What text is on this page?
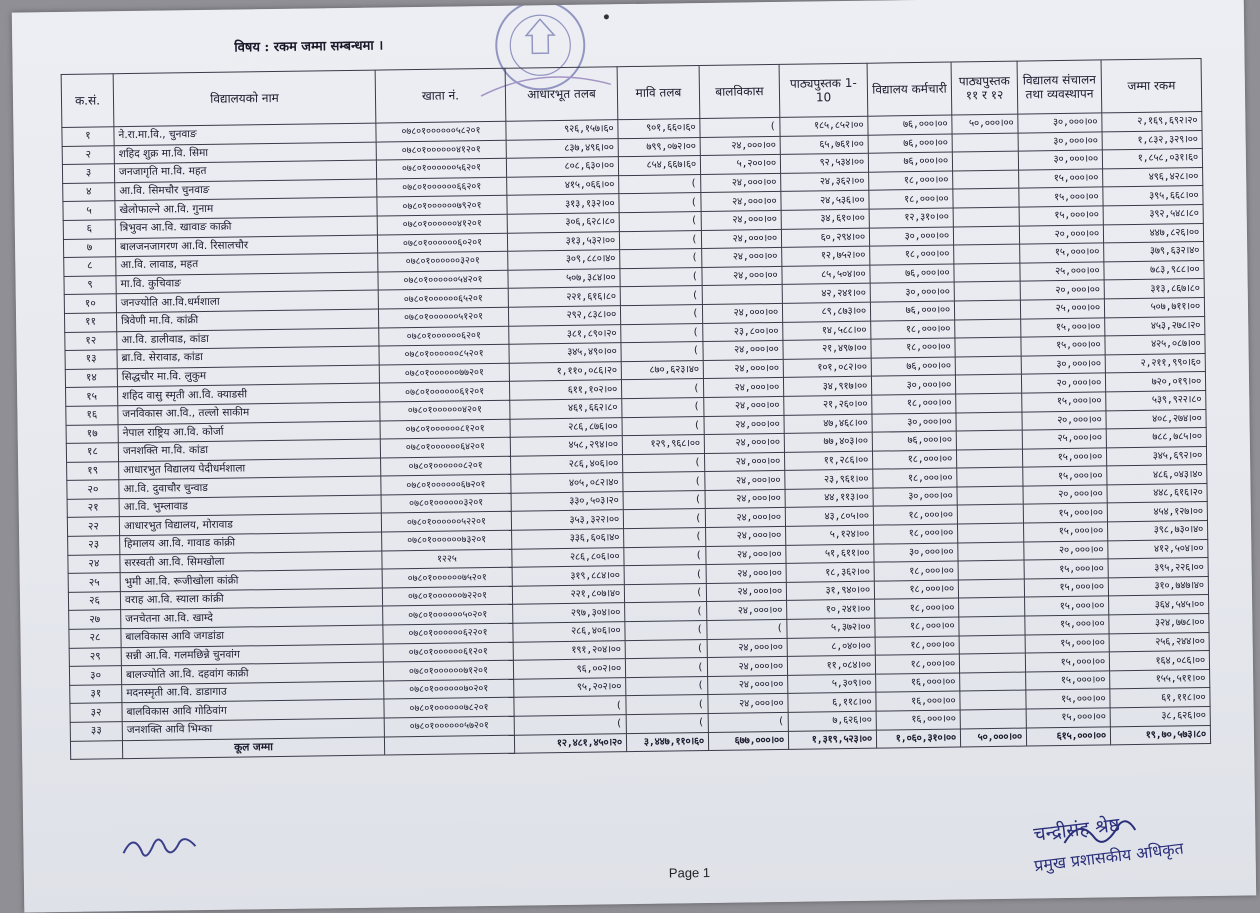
विषय : रकम जम्मा सम्बन्धमा ।
क.सं.	विद्यालयको नाम	खाता नं.	आधारभूत तलब	मावि तलब	बालविकास	पाठ्यपुस्तक 1-10	विद्यालय कर्मचारी	पाठ्यपुस्तक ११ र १२	विद्यालय संचालन तथा व्यवस्थापन	जम्मा रकम
१	ने.रा.मा.वि., चुनवाङ	०७८०१००००००५८२०१	९२६,१५७।६०	९०१,६६०।६०	(	१८५,८५२।००	७६,०००।००	५०,०००।००	३०,०००।००	२,१६९,६९२।२०
२	शहिद शुक्र मा.वि. सिमा	०७८०१००००००४१२०१	८३७,४९६।००	७९९,०७२।००	२४,०००।००	६५,७६१।००	७६,०००।००		३०,०००।००	१,८३२,३२९।००
३	जनजागृति मा.वि. महत	०७८०१००००००५६२०१	८०८,६३०।००	८५४,६६७।६०	५,२००।००	९२,५३४।००	७६,०००।००		३०,०००।००	१,८५८,०३१।६०
४	आ.वि. सिमचौर चुनवाङ	०७८०१००००००६६२०१	४१५,०६६।००	(	२४,०००।००	२४,३६२।००	१८,०००।००		१५,०००।००	४९६,४२८।००
५	खेलोफाल्ने आ.वि. गुनाम	०७८०१००००००७९२०१	३१३,१३२।००	(	२४,०००।००	२४,५३६।००	१८,०००।००		१५,०००।००	३९५,६६८।००
६	त्रिभुवन आ.वि. खावाङ काक्री	०७८०१००००००४१२०१	३०६,६२८।८०	(	२४,०००।००	३४,६१०।००	१२,३१०।००		१५,०००।००	३९२,५४८।८०
७	बालजनजागरण आ.वि. रिसालचौर	०७८०१००००००६०२०१	३१३,५३२।००	(	२४,०००।००	६०,२९४।००	३०,०००।००		२०,०००।००	४४७,८२६।००
८	आ.वि. लावाड, महत	०७८०१००००००३२०१	३०९,८८०।४०	(	२४,०००।००	१२,७५२।००	१८,०००।००		१५,०००।००	३७९,६३२।४०
९	मा.वि. कुचिवाङ	०७८०१००००००५४२०१	५०७,३८४।००	(	२४,०००।००	८५,५०४।००	७६,०००।००		२५,०००।००	७८३,९८८।००
१०	जनज्योति आ.वि.धर्मशाला	०७८०१००००००६५२०१	२२१,६१६।८०	(		४२,२४१।००	३०,०००।००		२०,०००।००	३१३,८६७।८०
११	त्रिवेणी मा.वि. कांक्री	०७८०१००००००५१२०१	२९२,८३८।००	(	२४,०००।००	८९,८७३।००	७६,०००।००		२५,०००।००	५०७,७११।००
१२	आ.वि. डालीवाड, कांडा	०७८०१००००००६२०१	३८१,८९०।२०	(	२३,८००।००	१४,५८८।००	१८,०००।००		१५,०००।००	४५३,२७८।२०
१३	ब्रा.वि. सेरावाड, कांडा	०७८०१००००००८५२०१	३४५,४९०।००	(	२४,०००।००	२१,४९७।००	१८,०००।००		१५,०००।००	४२५,०८७।००
१४	सिद्धचौर मा.वि. लुकुम	०७८०१००००००७७२०१	१,११०,०८६।२०	८७०,६२३।४०	२४,०००।००	१०१,०८२।००	७६,०००।००		३०,०००।००	२,२११,९९०।६०
१५	शहिद वासु स्मृती आ.वि. क्याडसी	०७८०१००००००६१२०१	६११,१०२।००	(	२४,०००।००	३४,९१७।००	३०,०००।००		२०,०००।००	७२०,०१९।००
१६	जनविकास आ.वि., तल्लो साकीम	०७८०१००००००४२०१	४६१,६६२।८०	(	२४,०००।००	२१,२६०।००	१८,०००।००		१५,०००।००	५३९,९२२।८०
१७	नेपाल राष्ट्रिय आ.वि. कोर्जा	०७८०१००००००८१२०१	२८६,८७६।००	(	२४,०००।००	४७,४६८।००	३०,०००।००		२०,०००।००	४०८,२७४।००
१८	जनशक्ति मा.वि. कांडा	०७८०१००००००६४२०१	४५८,२९४।००	१२९,९६८।००	२४,०००।००	७७,४०३।००	७६,०००।००		२५,०००।००	७८८,७८५।००
१९	आधारभुत विद्यालय पेदीधर्मशाला	०७८०१००००००८२०१	२८६,४०६।००	(	२४,०००।००	११,२८६।००	१८,०००।००		१५,०००।००	३४५,६९२।००
२०	आ.वि. दुवाचौर चुन्वाड	०७८०१००००००६७२०१	४०५,०८२।४०	(	२४,०००।००	२३,९६१।००	१८,०००।००		१५,०००।००	४८६,०४३।४०
२१	आ.वि. भुम्लावाड	०७८०१००००००३२०१	३३०,५०३।२०	(	२४,०००।००	४४,११३।००	३०,०००।००		२०,०००।००	४४८,६१६।२०
२२	आधारभुत विद्यालय, मोरावाड	०७८०१००००००५२२०१	३५३,३२२।००	(	२४,०००।००	४३,८०५।००	१८,०००।००		१५,०००।००	४५४,१२७।००
२३	हिमालय आ.वि. गावाड कांक्री	०७८०१००००००७३२०१	३३६,६०६।४०	(	२४,०००।००	५,१२४।००	१८,०००।००		१५,०००।००	३९८,७३०।४०
२४	सरस्वती आ.वि. सिमखोला	१२२५	२८६,८०६।००	(	२४,०००।००	५१,६११।००	३०,०००।००		२०,०००।००	४१२,५०४।००
२५	भुमी आ.वि. रूजीखोला कांक्री	०७८०१००००००७५२०१	३१९,८८४।००	(	२४,०००।००	१८,३६२।००	१८,०००।००		१५,०००।००	३९५,२२६।००
२६	वराह आ.वि. स्याला कांक्री	०७८०१००००००७२२०१	२२१,८०७।४०	(	२४,०००।००	३१,९४०।००	१८,०००।००		१५,०००।००	३१०,७४७।४०
२७	जनचेतना आ.वि. खाम्दे	०७८०१००००००५०२०१	२९७,३०४।००	(	२४,०००।००	१०,२४१।००	१८,०००।००		१५,०००।००	३६४,५४५।००
२८	बालविकास आवि जगडांडा	०७८०१००००००६२२०१	२८६,४०६।००	(	(	५,३७२।००	१८,०००।००		१५,०००।००	३२४,७७८।००
२९	सन्नी आ.वि. गलमछिन्ने चुनवांग	०७८०१००००००६१२०१	१९१,२०४।००	(	२४,०००।००	८,०४०।००	१८,०००।००		१५,०००।००	२५६,२४४।००
३०	बालज्योति आ.वि. दहवांग काक्री	०७८०१००००००७१२०१	९६,००२।००	(	२४,०००।००	११,०८४।००	१८,०००।००		१५,०००।००	१६४,०८६।००
३१	मदनस्मृती आ.वि. डाडागाउ	०७८०१००००००७०२०१	९५,२०२।००	(	२४,०००।००	५,३०९।००	१६,०००।००		१५,०००।००	१५५,५११।००
३२	बालविकास आवि गोठिवांग	०७८०१००००००७८२०१	(	(	२४,०००।००	६,११८।००	१६,०००।००		१५,०००।००	६१,११८।००
३३	जनशक्ति आवि भिम्का	०७८०१००००००५७२०१	(	(	(	७,६२६।००	१६,०००।००		१५,०००।००	३८,६२६।००
	कूल जम्मा		१२,४८१,४५०।२०	३,४४७,११०।६०	६७७,०००।००	१,३१९,५२३।००	१,०६०,३१०।००	५०,०००।००	६१५,०००।००	१९,७०,५७३।८०
चन्द्रीसंह श्रेष्ठ
प्रमुख प्रशासकीय अधिकृत
Page 1
